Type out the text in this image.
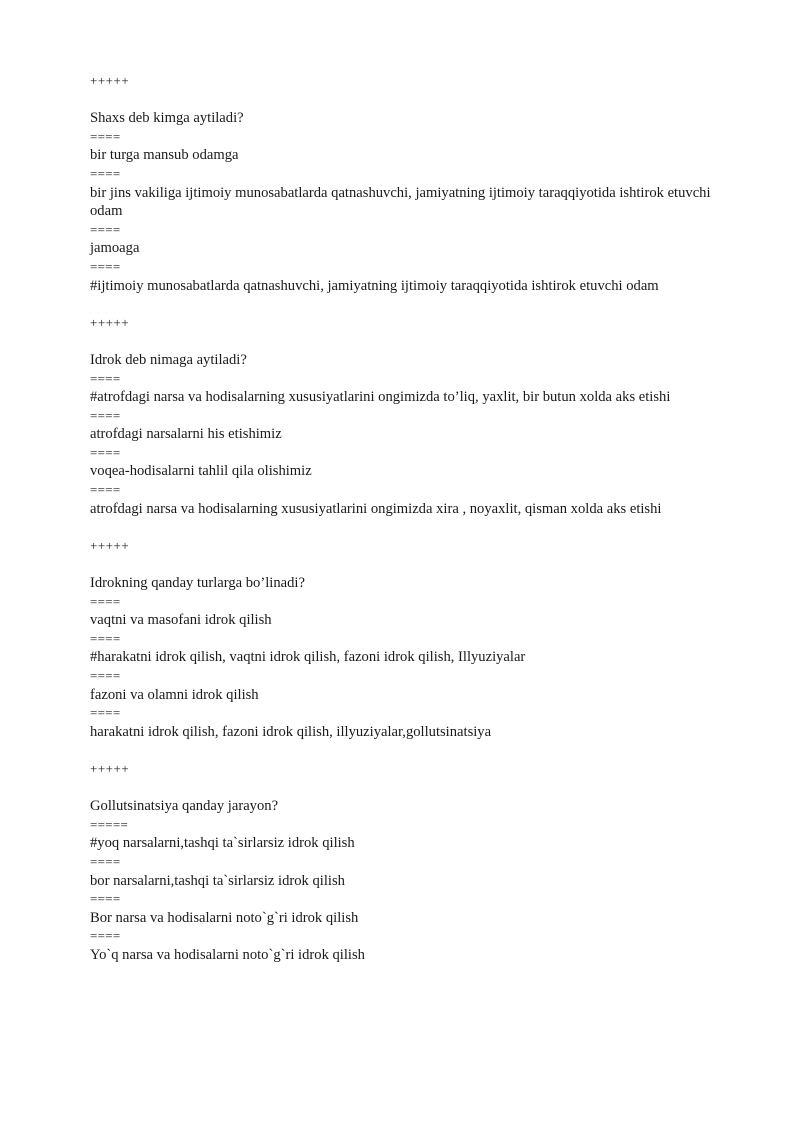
+++++
Shaxs deb kimga aytiladi?
====
bir turga mansub odamga
====
bir jins vakiliga ijtimoiy munosabatlarda qatnashuvchi, jamiyatning ijtimoiy taraqqiyotida ishtirok etuvchi odam
====
jamoaga
====
#ijtimoiy munosabatlarda qatnashuvchi, jamiyatning ijtimoiy taraqqiyotida ishtirok etuvchi odam
+++++
Idrok deb nimaga aytiladi?
====
#atrofdagi narsa va hodisalarning xususiyatlarini ongimizda to’liq, yaxlit, bir butun xolda aks etishi
====
atrofdagi narsalarni his etishimiz
====
voqea-hodisalarni tahlil qila olishimiz
====
atrofdagi narsa va hodisalarning xususiyatlarini ongimizda xira , noyaxlit, qisman xolda aks etishi
+++++
Idrokning qanday turlarga bo’linadi?
====
vaqtni va masofani idrok qilish
====
#harakatni idrok qilish, vaqtni idrok qilish, fazoni idrok qilish, Illyuziyalar
====
fazoni va olamni idrok qilish
====
harakatni idrok qilish, fazoni idrok qilish, illyuziyalar,gollutsinatsiya
+++++
Gollutsinatsiya qanday jarayon?
=====
#yoq narsalarni,tashqi ta`sirlarsiz idrok qilish
====
bor narsalarni,tashqi ta`sirlarsiz idrok qilish
====
Bor narsa va hodisalarni noto`g`ri idrok qilish
====
Yo`q narsa va hodisalarni noto`g`ri idrok qilish
